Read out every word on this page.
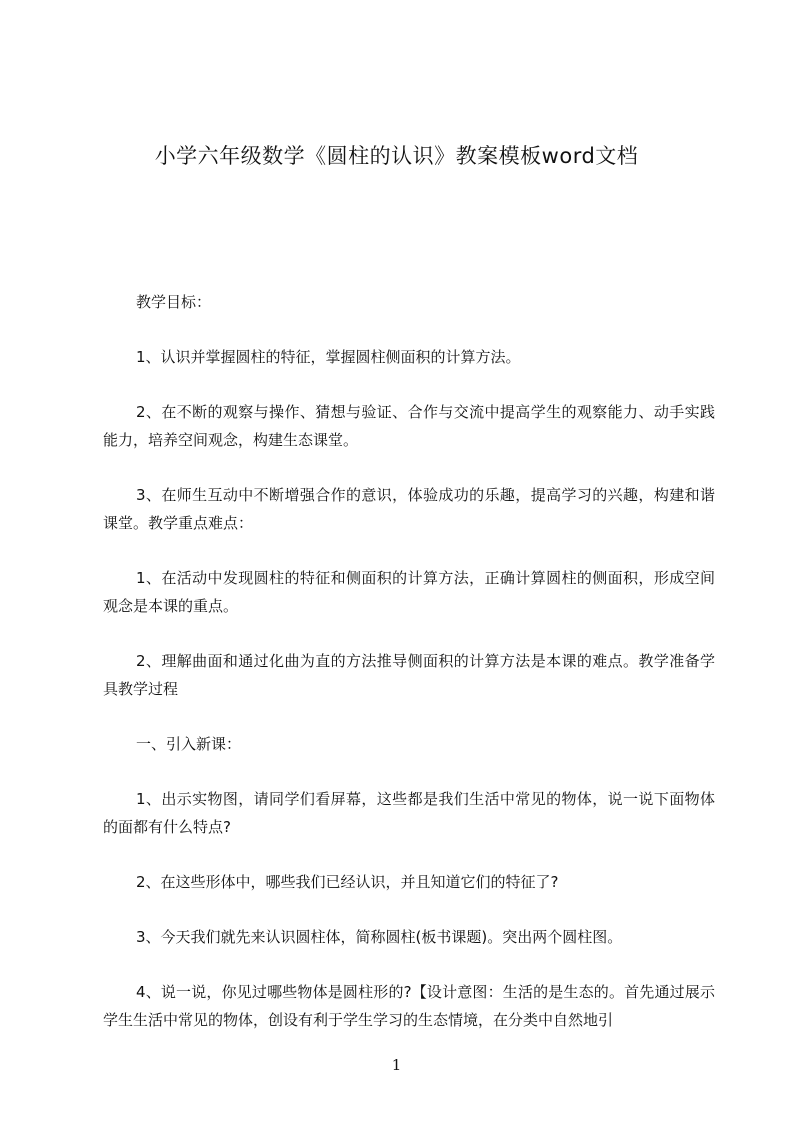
小学六年级数学《圆柱的认识》教案模板word文档

教学目标：

1、认识并掌握圆柱的特征，掌握圆柱侧面积的计算方法。

2、在不断的观察与操作、猜想与验证、合作与交流中提高学生的观察能力、动手实践能力，培养空间观念，构建生态课堂。

3、在师生互动中不断增强合作的意识，体验成功的乐趣，提高学习的兴趣，构建和谐课堂。教学重点难点：

1、在活动中发现圆柱的特征和侧面积的计算方法，正确计算圆柱的侧面积，形成空间观念是本课的重点。

2、理解曲面和通过化曲为直的方法推导侧面积的计算方法是本课的难点。教学准备学具教学过程

一、引入新课：

1、出示实物图，请同学们看屏幕，这些都是我们生活中常见的物体，说一说下面物体的面都有什么特点?

2、在这些形体中，哪些我们已经认识，并且知道它们的特征了?

3、今天我们就先来认识圆柱体，简称圆柱(板书课题)。突出两个圆柱图。

4、说一说，你见过哪些物体是圆柱形的?【设计意图：生活的是生态的。首先通过展示学生生活中常见的物体，创设有利于学生学习的生态情境，在分类中自然地引

1
